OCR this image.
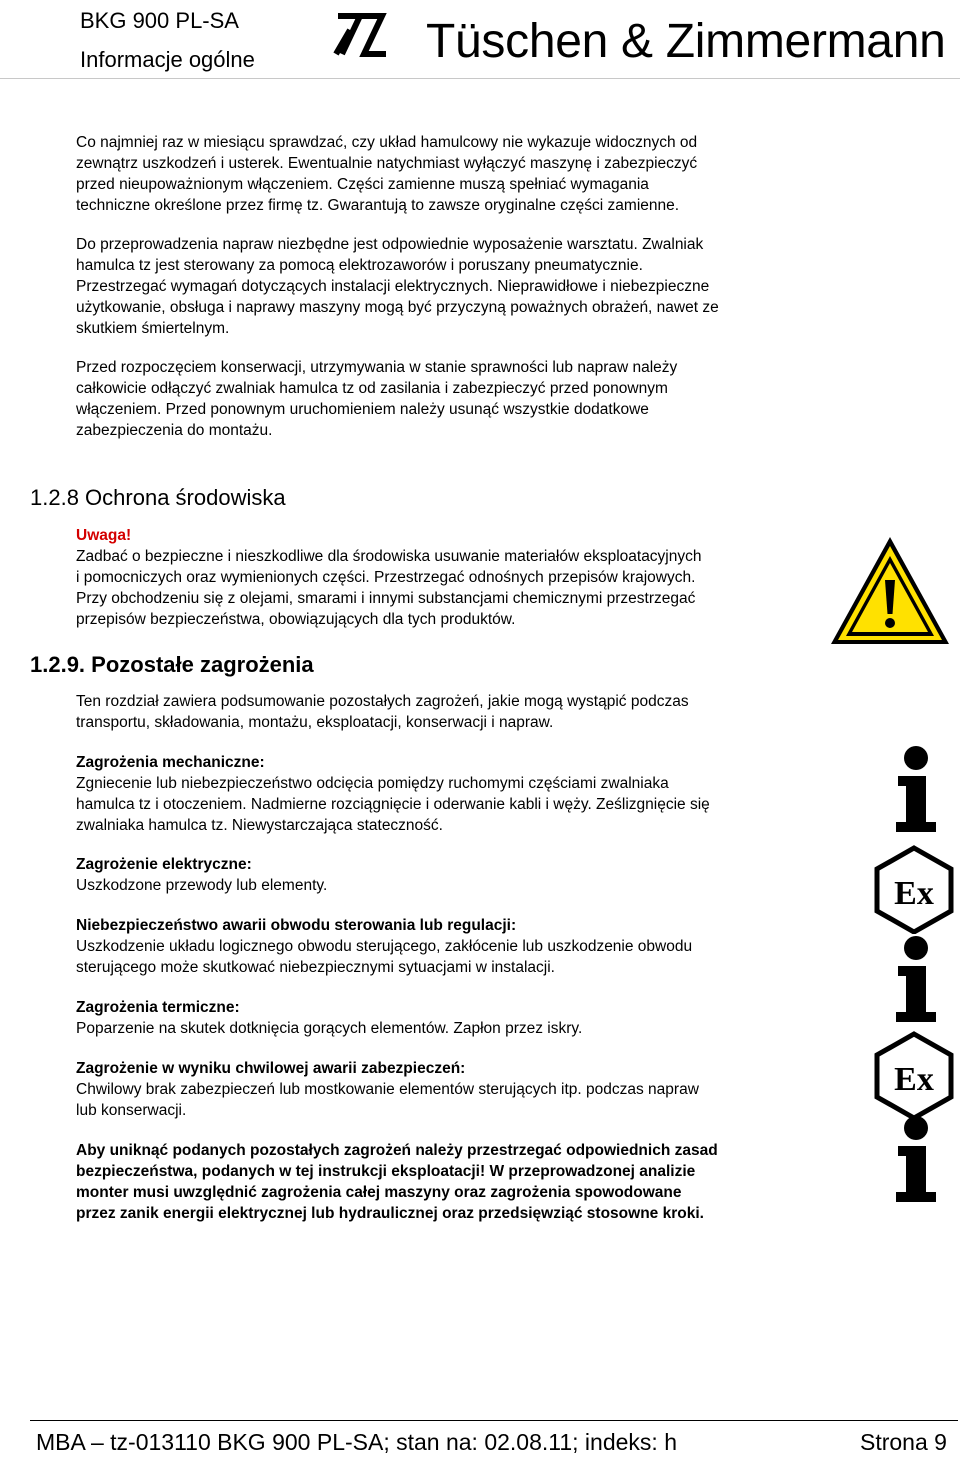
BKG 900 PL-SA
Informacje ogólne	Tüschen & Zimmermann
Co najmniej raz w miesiącu sprawdzać, czy układ hamulcowy nie wykazuje widocznych od
zewnątrz uszkodzeń i usterek. Ewentualnie natychmiast wyłączyć maszynę i zabezpieczyć
przed nieupoważnionym włączeniem. Części zamienne muszą spełniać wymagania
techniczne określone przez firmę tz. Gwarantują to zawsze oryginalne części zamienne.
Do przeprowadzenia napraw niezbędne jest odpowiednie wyposażenie warsztatu. Zwalniak
hamulca tz jest sterowany za pomocą elektrozaworów i poruszany pneumatycznie.
Przestrzegać wymagań dotyczących instalacji elektrycznych. Nieprawidłowe i niebezpieczne
użytkowanie, obsługa i naprawy maszyny mogą być przyczyną poważnych obrażeń, nawet ze
skutkiem śmiertelnym.
Przed rozpoczęciem konserwacji, utrzymywania w stanie sprawności lub napraw należy
całkowicie odłączyć zwalniak hamulca tz od zasilania i zabezpieczyć przed ponownym
włączeniem. Przed ponownym uruchomieniem należy usunąć wszystkie dodatkowe
zabezpieczenia do montażu.
1.2.8 Ochrona środowiska
Uwaga!
Zadbać o bezpieczne i nieszkodliwe dla środowiska usuwanie materiałów eksploatacyjnych
i pomocniczych oraz wymienionych części. Przestrzegać odnośnych przepisów krajowych.
Przy obchodzeniu się z olejami, smarami i innymi substancjami chemicznymi przestrzegać
przepisów bezpieczeństwa, obowiązujących dla tych produktów.
1.2.9. Pozostałe zagrożenia
Ten rozdział zawiera podsumowanie pozostałych zagrożeń, jakie mogą wystąpić podczas
transportu, składowania, montażu, eksploatacji, konserwacji i napraw.
Zagrożenia mechaniczne:
Zgniecenie lub niebezpieczeństwo odcięcia pomiędzy ruchomymi częściami zwalniaka
hamulca tz i otoczeniem. Nadmierne rozciągnięcie i oderwanie kabli i węży. Ześlizgnięcie się
zwalniaka hamulca tz. Niewystarczająca stateczność.
Zagrożenie elektryczne:
Uszkodzone przewody lub elementy.
Niebezpieczeństwo awarii obwodu sterowania lub regulacji:
Uszkodzenie układu logicznego obwodu sterującego, zakłócenie lub uszkodzenie obwodu
sterującego może skutkować niebezpiecznymi sytuacjami w instalacji.
Zagrożenia termiczne:
Poparzenie na skutek dotknięcia gorących elementów. Zapłon przez iskry.
Zagrożenie w wyniku chwilowej awarii zabezpieczeń:
Chwilowy brak zabezpieczeń lub mostkowanie elementów sterujących itp. podczas napraw
lub konserwacji.
Aby uniknąć podanych pozostałych zagrożeń należy przestrzegać odpowiednich zasad
bezpieczeństwa, podanych w tej instrukcji eksploatacji! W przeprowadzonej analizie
monter musi uwzględnić zagrożenia całej maszyny oraz zagrożenia spowodowane
przez zanik energii elektrycznej lub hydraulicznej oraz przedsięwziąć stosowne kroki.
Ex
Ex
MBA – tz-013110 BKG 900 PL-SA; stan na: 02.08.11; indeks: h	Strona 9
